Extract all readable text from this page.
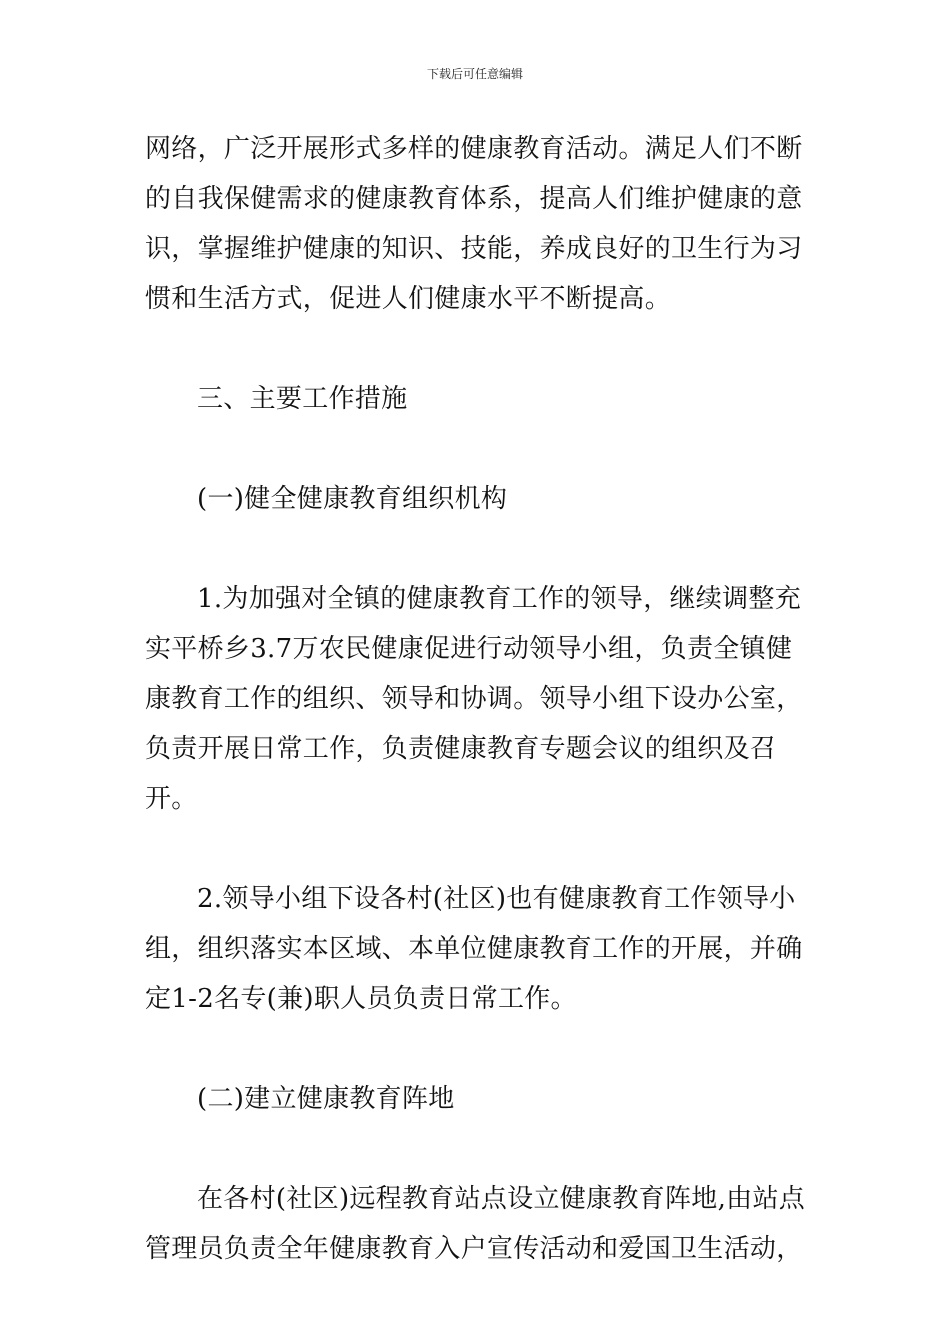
下载后可任意编辑

网络，广泛开展形式多样的健康教育活动。满足人们不断的自我保健需求的健康教育体系，提高人们维护健康的意识，掌握维护健康的知识、技能，养成良好的卫生行为习惯和生活方式，促进人们健康水平不断提高。

三、主要工作措施

(一)健全健康教育组织机构

1.为加强对全镇的健康教育工作的领导，继续调整充实平桥乡3.7万农民健康促进行动领导小组，负责全镇健康教育工作的组织、领导和协调。领导小组下设办公室，负责开展日常工作，负责健康教育专题会议的组织及召开。

2.领导小组下设各村(社区)也有健康教育工作领导小组，组织落实本区域、本单位健康教育工作的开展，并确定1-2名专(兼)职人员负责日常工作。

(二)建立健康教育阵地

在各村(社区)远程教育站点设立健康教育阵地,由站点管理员负责全年健康教育入户宣传活动和爱国卫生活动，
